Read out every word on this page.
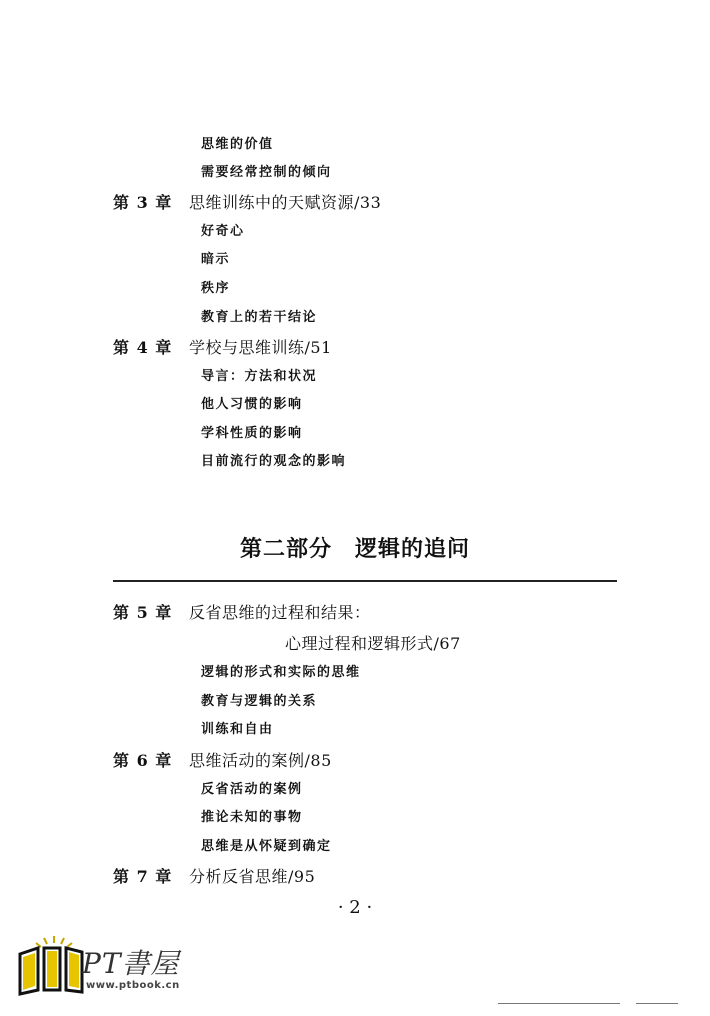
思维的价值
需要经常控制的倾向
第 3 章 思维训练中的天赋资源/33
好奇心
暗示
秩序
教育上的若干结论
第 4 章 学校与思维训练/51
导言：方法和状况
他人习惯的影响
学科性质的影响
目前流行的观念的影响
第二部分　逻辑的追问
第 5 章 反省思维的过程和结果：
心理过程和逻辑形式/67
逻辑的形式和实际的思维
教育与逻辑的关系
训练和自由
第 6 章 思维活动的案例/85
反省活动的案例
推论未知的事物
思维是从怀疑到确定
第 7 章 分析反省思维/95
· 2 ·
PT書屋
www.ptbook.cn
